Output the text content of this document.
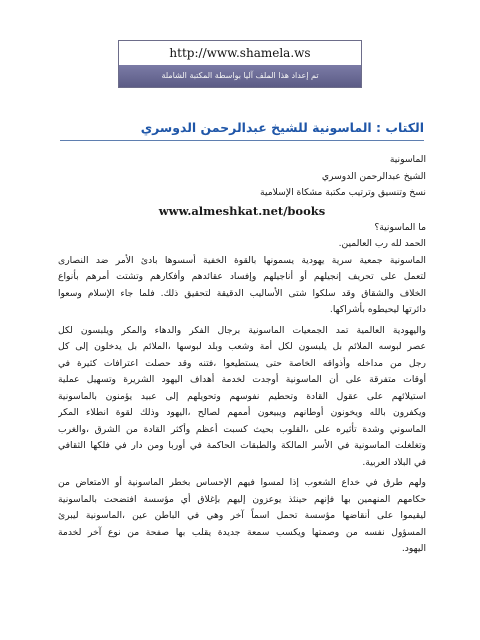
http://www.shamela.ws
تم إعداد هذا الملف آليا بواسطة المكتبة الشاملة
الكتاب : الماسونية للشيخ عبدالرحمن الدوسري
الماسونية
الشيخ عبدالرحمن الدوسري
نسخ وتنسيق وترتيب مكتبة مشكاة الإسلامية
www.almeshkat.net/books
ما الماسونية؟
الحمد لله رب العالمين.
الماسونية جمعية سرية يهودية يسمونها بالقوة الخفية أسسوها بادئ الأمر ضد النصارى
لتعمل على تحريف إنجيلهم أو أناجيلهم وإفساد عقائدهم وأفكارهم وتشتت أمرهم بأنواع
الخلاف والشقاق وقد سلكوا شتى الأساليب الدقيقة لتحقيق ذلك. فلما جاء الإسلام وسعوا
دائرتها ليحيطوه بأشراكها.
واليهودية العالمية تمد الجمعيات الماسونية برجال الفكر والدهاء والمكر ويلبسون لكل
عصر لبوسه الملائم بل يلبسون لكل أمة وشعب وبلد لبوسها ،الملائم بل يدخلون إلى كل
رجل من مداخله وأذواقه الخاصة حتى يستطيعوا ،فتنه وقد حصلت اعترافات كثيرة في
أوقات متفرقة على أن الماسونية أوجدت لخدمة أهداف اليهود الشريرة وتسهيل عملية
استيلائهم على عقول القادة وتحطيم نفوسهم وتحويلهم إلى عبيد يؤمنون بالماسونية
ويكفرون بالله ويخونون أوطانهم ويبيعون أممهم لصالح ،اليهود وذلك لقوة انطلاء المكر
الماسوني وشدة تأثيره على ،القلوب بحيث كسبت أعظم وأكثر القادة من الشرق ،والغرب
وتغلغلت الماسونية في الأسر المالكة والطبقات الحاكمة في أوربا ومن دار في فلكها الثقافي
في البلاد العربية.
ولهم طرق في خداع الشعوب إذا لمسوا فيهم الإحساس بخطر الماسونية أو الامتعاض من
حكامهم المنهمين بها فإنهم حينئذ يوعزون إليهم بإغلاق أي مؤسسة افتضحت بالماسونية
ليقيموا على أنقاضها مؤسسة تحمل اسماً آخر وهي في الباطن عين ،الماسونية ليبرئ
المسؤول نفسه من وصمتها ويكسب سمعة جديدة يقلب بها صفحة من نوع آخر لخدمة
اليهود.
